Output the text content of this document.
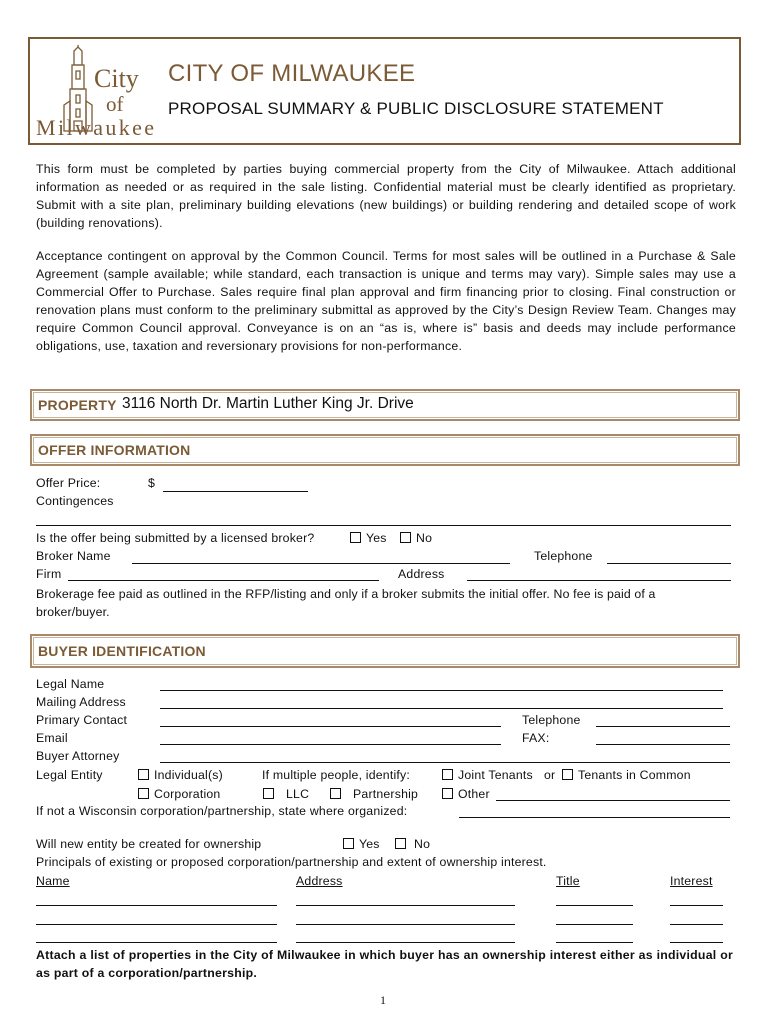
City
of
Milwaukee
CITY OF MILWAUKEE
PROPOSAL SUMMARY & PUBLIC DISCLOSURE STATEMENT
This form must be completed by parties buying commercial property from the City of Milwaukee. Attach additional information as needed or as required in the sale listing. Confidential material must be clearly identified as proprietary. Submit with a site plan, preliminary building elevations (new buildings) or building rendering and detailed scope of work (building renovations).
Acceptance contingent on approval by the Common Council. Terms for most sales will be outlined in a Purchase & Sale Agreement (sample available; while standard, each transaction is unique and terms may vary). Simple sales may use a Commercial Offer to Purchase. Sales require final plan approval and firm financing prior to closing. Final construction or renovation plans must conform to the preliminary submittal as approved by the City’s Design Review Team. Changes may require Common Council approval. Conveyance is on an “as is, where is” basis and deeds may include performance obligations, use, taxation and reversionary provisions for non-performance.
PROPERTY 3116 North Dr. Martin Luther King Jr. Drive
OFFER INFORMATION
Offer Price:	$
Contingences
Is the offer being submitted by a licensed broker?	Yes	No
Broker Name	Telephone
Firm	Address
Brokerage fee paid as outlined in the RFP/listing and only if a broker submits the initial offer. No fee is paid of a broker/buyer.
BUYER IDENTIFICATION
Legal Name
Mailing Address
Primary Contact	Telephone
Email	FAX:
Buyer Attorney
Legal Entity	Individual(s)	If multiple people, identify:	Joint Tenants or	Tenants in Common
Corporation	LLC	Partnership	Other
If not a Wisconsin corporation/partnership, state where organized:
Will new entity be created for ownership	Yes	No
Principals of existing or proposed corporation/partnership and extent of ownership interest.
Name	Address	Title	Interest
Attach a list of properties in the City of Milwaukee in which buyer has an ownership interest either as individual or as part of a corporation/partnership.
1
